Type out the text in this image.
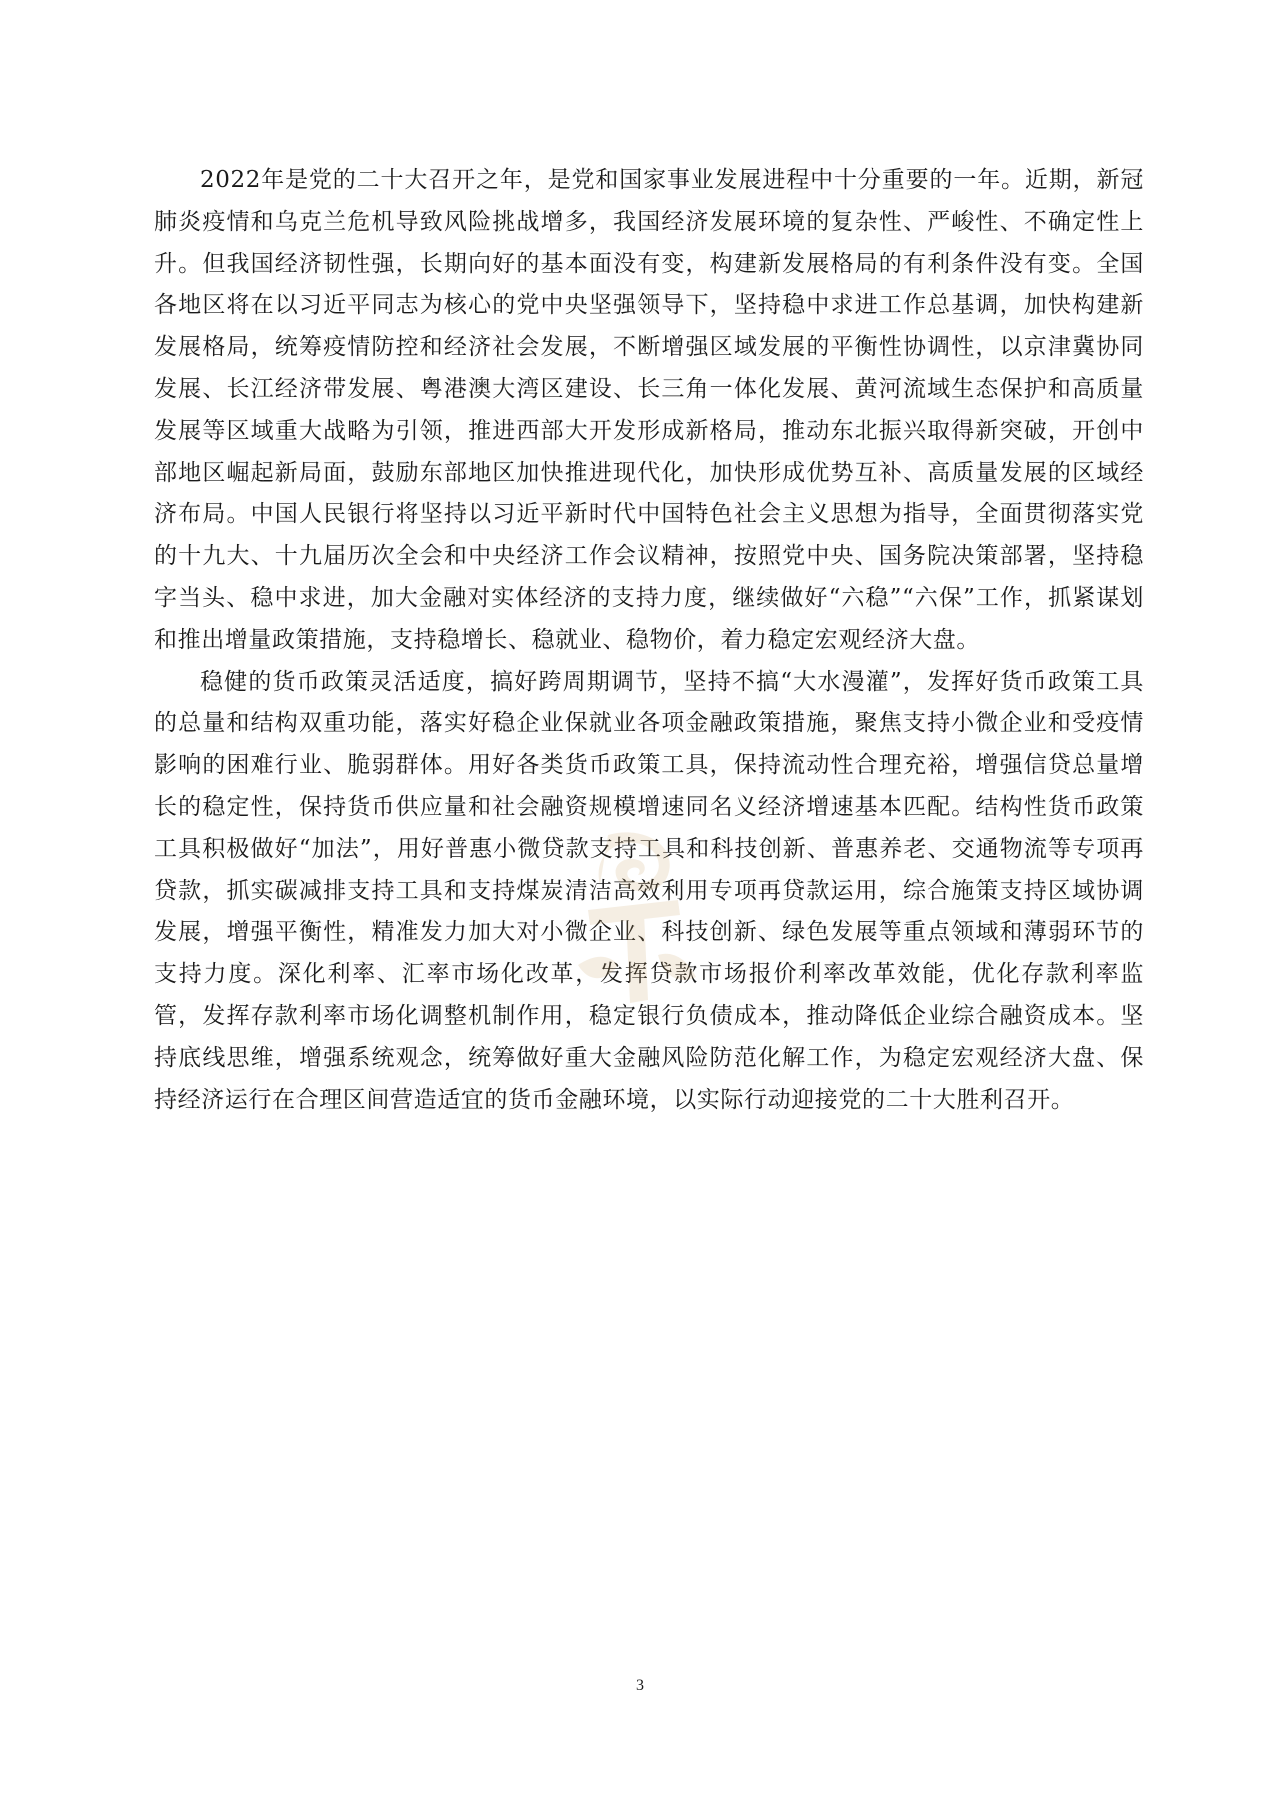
2022年是党的二十大召开之年，是党和国家事业发展进程中十分重要的一年。近期，新冠肺炎疫情和乌克兰危机导致风险挑战增多，我国经济发展环境的复杂性、严峻性、不确定性上升。但我国经济韧性强，长期向好的基本面没有变，构建新发展格局的有利条件没有变。全国各地区将在以习近平同志为核心的党中央坚强领导下，坚持稳中求进工作总基调，加快构建新发展格局，统筹疫情防控和经济社会发展，不断增强区域发展的平衡性协调性，以京津冀协同发展、长江经济带发展、粤港澳大湾区建设、长三角一体化发展、黄河流域生态保护和高质量发展等区域重大战略为引领，推进西部大开发形成新格局，推动东北振兴取得新突破，开创中部地区崛起新局面，鼓励东部地区加快推进现代化，加快形成优势互补、高质量发展的区域经济布局。中国人民银行将坚持以习近平新时代中国特色社会主义思想为指导，全面贯彻落实党的十九大、十九届历次全会和中央经济工作会议精神，按照党中央、国务院决策部署，坚持稳字当头、稳中求进，加大金融对实体经济的支持力度，继续做好“六稳”“六保”工作，抓紧谋划和推出增量政策措施，支持稳增长、稳就业、稳物价，着力稳定宏观经济大盘。

稳健的货币政策灵活适度，搞好跨周期调节，坚持不搞“大水漫灌”，发挥好货币政策工具的总量和结构双重功能，落实好稳企业保就业各项金融政策措施，聚焦支持小微企业和受疫情影响的困难行业、脆弱群体。用好各类货币政策工具，保持流动性合理充裕，增强信贷总量增长的稳定性，保持货币供应量和社会融资规模增速同名义经济增速基本匹配。结构性货币政策工具积极做好“加法”，用好普惠小微贷款支持工具和科技创新、普惠养老、交通物流等专项再贷款，抓实碳减排支持工具和支持煤炭清洁高效利用专项再贷款运用，综合施策支持区域协调发展，增强平衡性，精准发力加大对小微企业、科技创新、绿色发展等重点领域和薄弱环节的支持力度。深化利率、汇率市场化改革，发挥贷款市场报价利率改革效能，优化存款利率监管，发挥存款利率市场化调整机制作用，稳定银行负债成本，推动降低企业综合融资成本。坚持底线思维，增强系统观念，统筹做好重大金融风险防范化解工作，为稳定宏观经济大盘、保持经济运行在合理区间营造适宜的货币金融环境，以实际行动迎接党的二十大胜利召开。

3
